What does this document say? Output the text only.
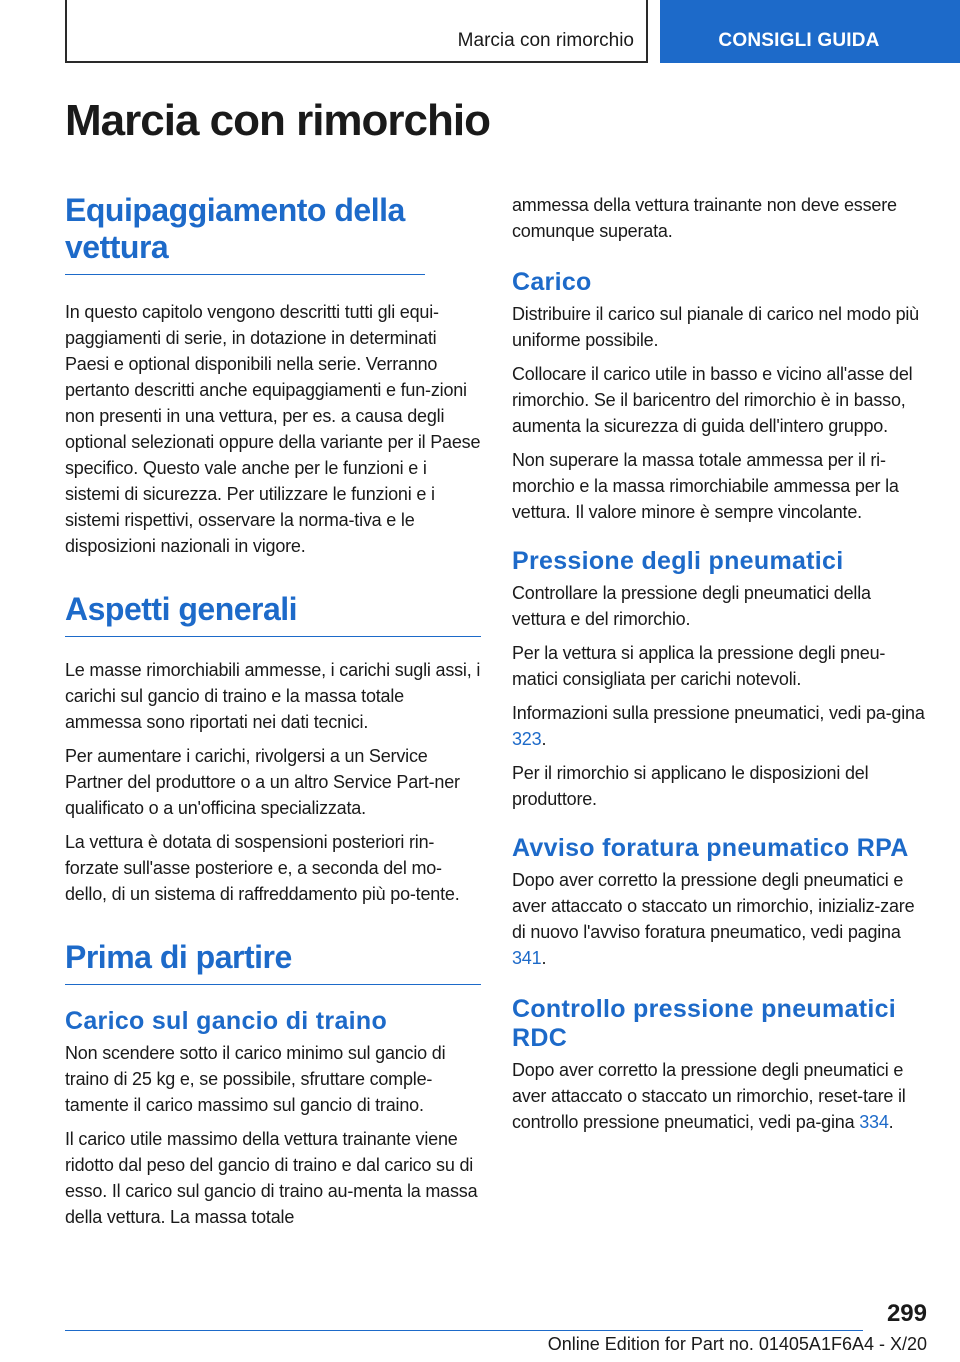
Marcia con rimorchio	CONSIGLI GUIDA
Marcia con rimorchio
Equipaggiamento della vettura

In questo capitolo vengono descritti tutti gli equi-paggiamenti di serie, in dotazione in determinati Paesi e optional disponibili nella serie. Verranno pertanto descritti anche equipaggiamenti e fun-zioni non presenti in una vettura, per es. a causa degli optional selezionati oppure della variante per il Paese specifico. Questo vale anche per le funzioni e i sistemi di sicurezza. Per utilizzare le funzioni e i sistemi rispettivi, osservare la norma-tiva e le disposizioni nazionali in vigore.

Aspetti generali

Le masse rimorchiabili ammesse, i carichi sugli assi, i carichi sul gancio di traino e la massa totale ammessa sono riportati nei dati tecnici.

Per aumentare i carichi, rivolgersi a un Service Partner del produttore o a un altro Service Part-ner qualificato o a un'officina specializzata.

La vettura è dotata di sospensioni posteriori rin-forzate sull'asse posteriore e, a seconda del mo-dello, di un sistema di raffreddamento più po-tente.

Prima di partire
Carico sul gancio di traino

Non scendere sotto il carico minimo sul gancio di traino di 25 kg e, se possibile, sfruttare comple-tamente il carico massimo sul gancio di traino.

Il carico utile massimo della vettura trainante viene ridotto dal peso del gancio di traino e dal carico su di esso. Il carico sul gancio di traino au-menta la massa della vettura. La massa totale

ammessa della vettura trainante non deve essere comunque superata.

Carico

Distribuire il carico sul pianale di carico nel modo più uniforme possibile.

Collocare il carico utile in basso e vicino all'asse del rimorchio. Se il baricentro del rimorchio è in basso, aumenta la sicurezza di guida dell'intero gruppo.

Non superare la massa totale ammessa per il ri-morchio e la massa rimorchiabile ammessa per la vettura. Il valore minore è sempre vincolante.

Pressione degli pneumatici

Controllare la pressione degli pneumatici della vettura e del rimorchio.

Per la vettura si applica la pressione degli pneu-matici consigliata per carichi notevoli.

Informazioni sulla pressione pneumatici, vedi pa-gina 323.

Per il rimorchio si applicano le disposizioni del produttore.

Avviso foratura pneumatico RPA

Dopo aver corretto la pressione degli pneumatici e aver attaccato o staccato un rimorchio, inizializ-zare di nuovo l'avviso foratura pneumatico, vedi pagina 341.

Controllo pressione pneumatici RDC

Dopo aver corretto la pressione degli pneumatici e aver attaccato o staccato un rimorchio, reset-tare il controllo pressione pneumatici, vedi pa-gina 334.

299
Online Edition for Part no. 01405A1F6A4 - X/20
